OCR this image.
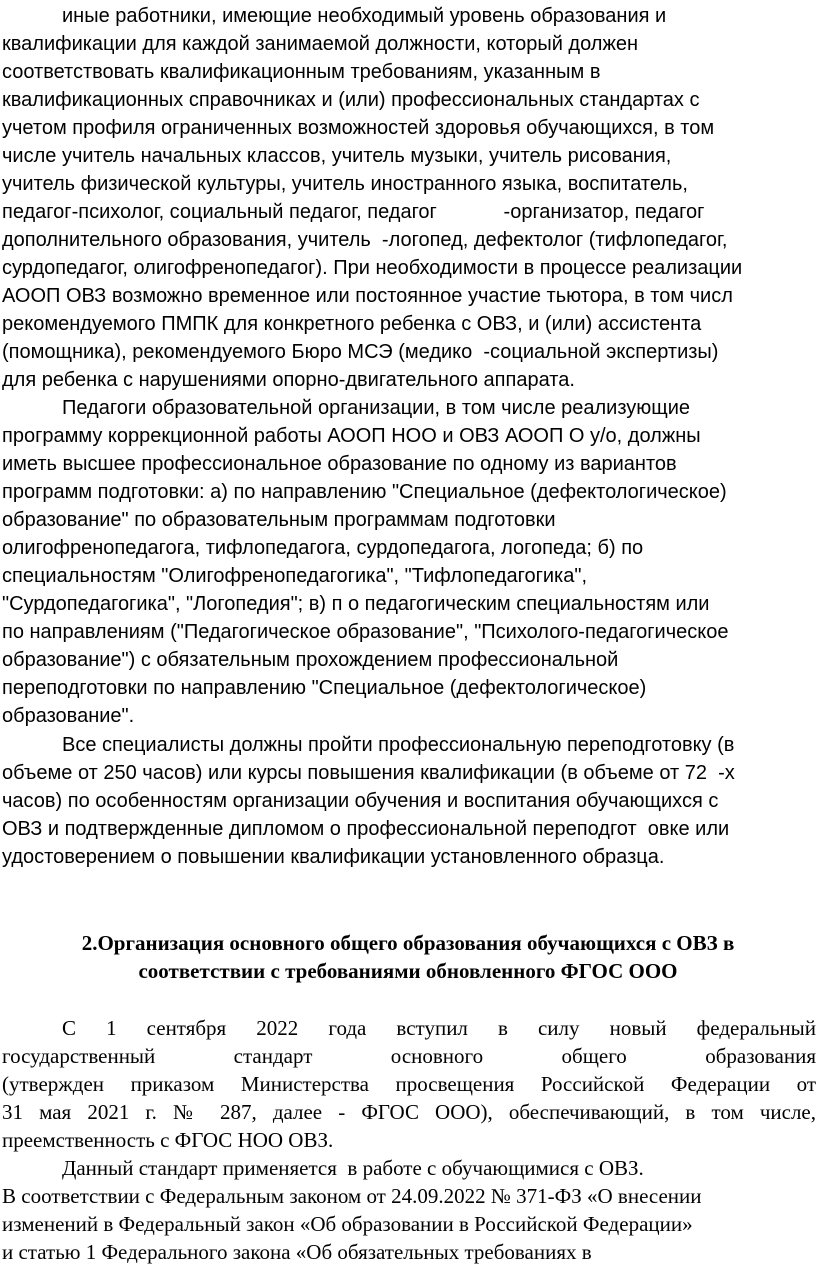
иные работники, имеющие необходимый уровень образования и
квалификации для каждой занимаемой должности, который должен
соответствовать квалификационным требованиям, указанным в
квалификационных справочниках и (или) профессиональных стандартах с
учетом профиля ограниченных возможностей здоровья обучающихся, в том
числе учитель начальных классов, учитель музыки, учитель рисования,
учитель физической культуры, учитель иностранного языка, воспитатель,
педагог-психолог, социальный педагог, педагог            -организатор, педагог
дополнительного образования, учитель  -логопед, дефектолог (тифлопедагог,
сурдопедагог, олигофренопедагог). При необходимости в процессе реализации
АООП ОВЗ возможно временное или постоянное участие тьютора, в том числ
рекомендуемого ПМПК для конкретного ребенка с ОВЗ, и (или) ассистента
(помощника), рекомендуемого Бюро МСЭ (медико  -социальной экспертизы)
для ребенка с нарушениями опорно-двигательного аппарата.
Педагоги образовательной организации, в том числе реализующие
программу коррекционной работы АООП НОО и ОВЗ АООП О у/о, должны
иметь высшее профессиональное образование по одному из вариантов
программ подготовки: а) по направлению "Специальное (дефектологическое)
образование" по образовательным программам подготовки
олигофренопедагога, тифлопедагога, сурдопедагога, логопеда; б) по
специальностям "Олигофренопедагогика", "Тифлопедагогика",
"Сурдопедагогика", "Логопедия"; в) п о педагогическим специальностям или
по направлениям ("Педагогическое образование", "Психолого-педагогическое
образование") с обязательным прохождением профессиональной
переподготовки по направлению "Специальное (дефектологическое)
образование".
Все специалисты должны пройти профессиональную переподготовку (в
объеме от 250 часов) или курсы повышения квалификации (в объеме от 72  -х
часов) по особенностям организации обучения и воспитания обучающихся с
ОВЗ и подтвержденные дипломом о профессиональной переподгот  овке или
удостоверением о повышении квалификации установленного образца.
2.Организация основного общего образования обучающихся с ОВЗ в
соответствии с требованиями обновленного ФГОС ООО
С 1 сентября 2022 года вступил в силу новый федеральный
государственный стандарт основного общего образования
(утвержден приказом Министерства просвещения Российской Федерации от
31 мая 2021 г. № 287, далее - ФГОС ООО), обеспечивающий, в том числе,
преемственность с ФГОС НОО ОВЗ.
Данный стандарт применяется  в работе с обучающимися с ОВЗ.
В соответствии с Федеральным законом от 24.09.2022 № 371-ФЗ «О внесении
изменений в Федеральный закон «Об образовании в Российской Федерации»
и статью 1 Федерального закона «Об обязательных требованиях в
